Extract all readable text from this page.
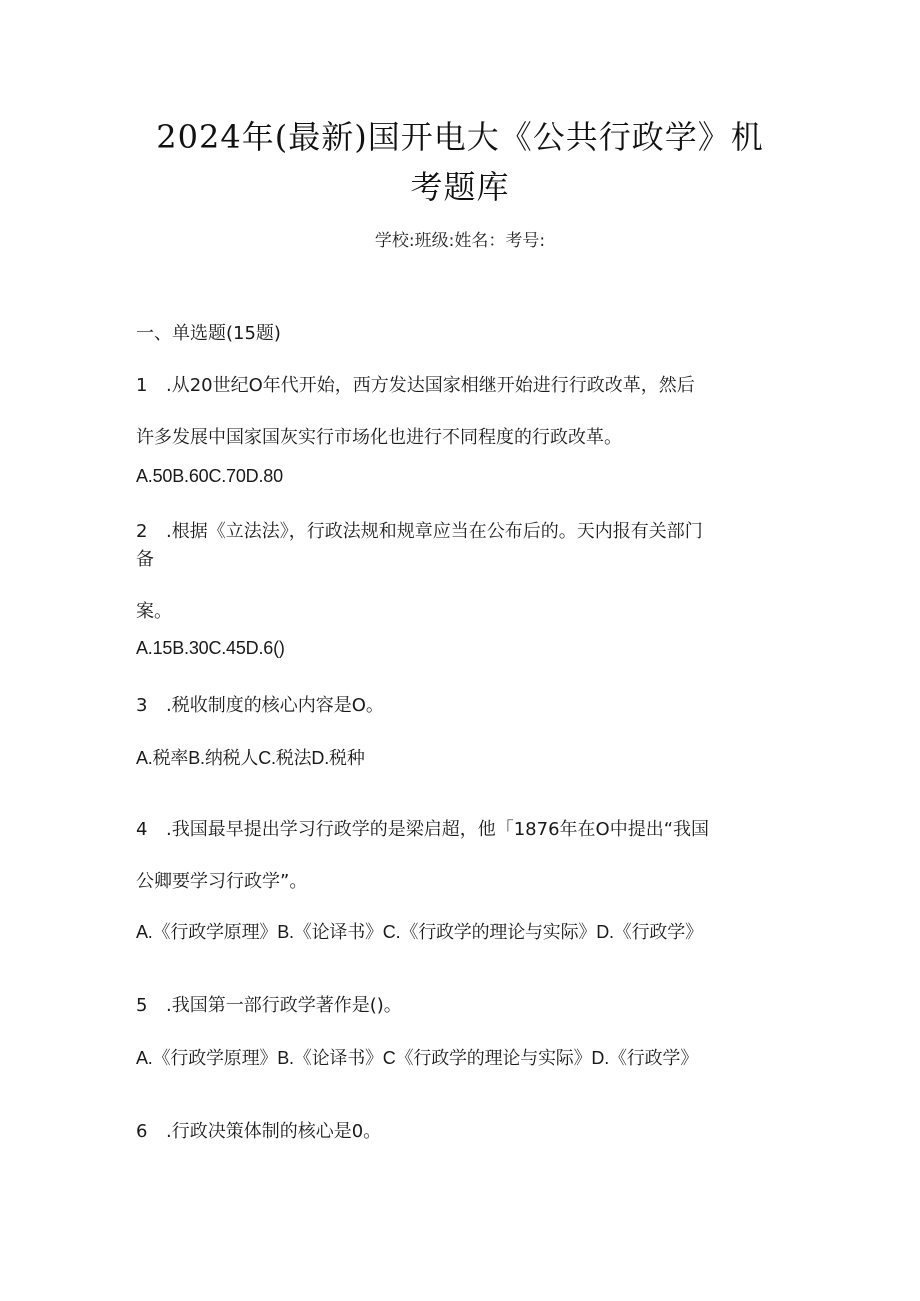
2024年(最新)国开电大《公共行政学》机
考题库
学校:班级:姓名：考号:
一、单选题(15题)
1 .从20世纪O年代开始，西方发达国家相继开始进行行政改革，然后
许多发展中国家国灰实行市场化也进行不同程度的行政改革。
A.50B.60C.70D.80
2 .根据《立法法》，行政法规和规章应当在公布后的。天内报有关部门
备
案。
A.15B.30C.45D.6()
3 .税收制度的核心内容是O。
A.税率B.纳税人C.税法D.税种
4 .我国最早提出学习行政学的是梁启超，他「1876年在O中提出“我国
公卿要学习行政学”。
A.《行政学原理》B.《论译书》C.《行政学的理论与实际》D.《行政学》
5 .我国第一部行政学著作是()。
A.《行政学原理》B.《论译书》C《行政学的理论与实际》D.《行政学》
6 .行政决策体制的核心是0。
